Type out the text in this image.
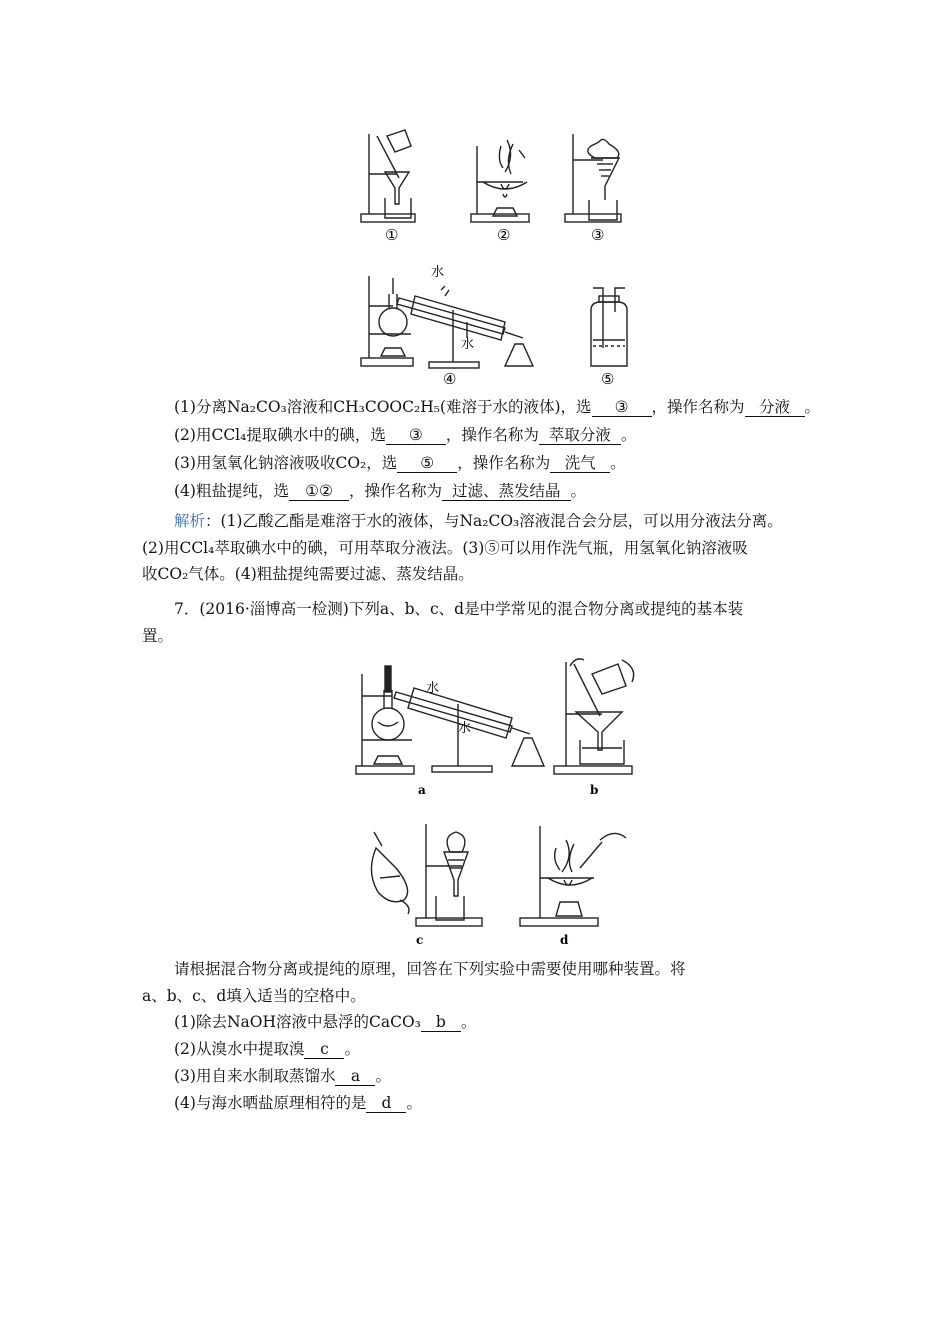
①	②	③
水
水
④	⑤
(1)分离Na₂CO₃溶液和CH₃COOC₂H₅(难溶于水的液体)，选 ③ ，操作名称为 分液 。
(2)用CCl₄提取碘水中的碘，选 ③ ，操作名称为 萃取分液 。
(3)用氢氧化钠溶液吸收CO₂，选 ⑤ ，操作名称为 洗气 。
(4)粗盐提纯，选 ①② ，操作名称为 过滤、蒸发结晶 。
解析：(1)乙酸乙酯是难溶于水的液体，与Na₂CO₃溶液混合会分层，可以用分液法分离。
(2)用CCl₄萃取碘水中的碘，可用萃取分液法。(3)⑤可以用作洗气瓶，用氢氧化钠溶液吸
收CO₂气体。(4)粗盐提纯需要过滤、蒸发结晶。
7．(2016·淄博高一检测)下列a、b、c、d是中学常见的混合物分离或提纯的基本装
置。
水
水
a	b
c	d
请根据混合物分离或提纯的原理，回答在下列实验中需要使用哪种装置。将
a、b、c、d填入适当的空格中。
(1)除去NaOH溶液中悬浮的CaCO₃ b 。
(2)从溴水中提取溴 c 。
(3)用自来水制取蒸馏水 a 。
(4)与海水晒盐原理相符的是 d 。
